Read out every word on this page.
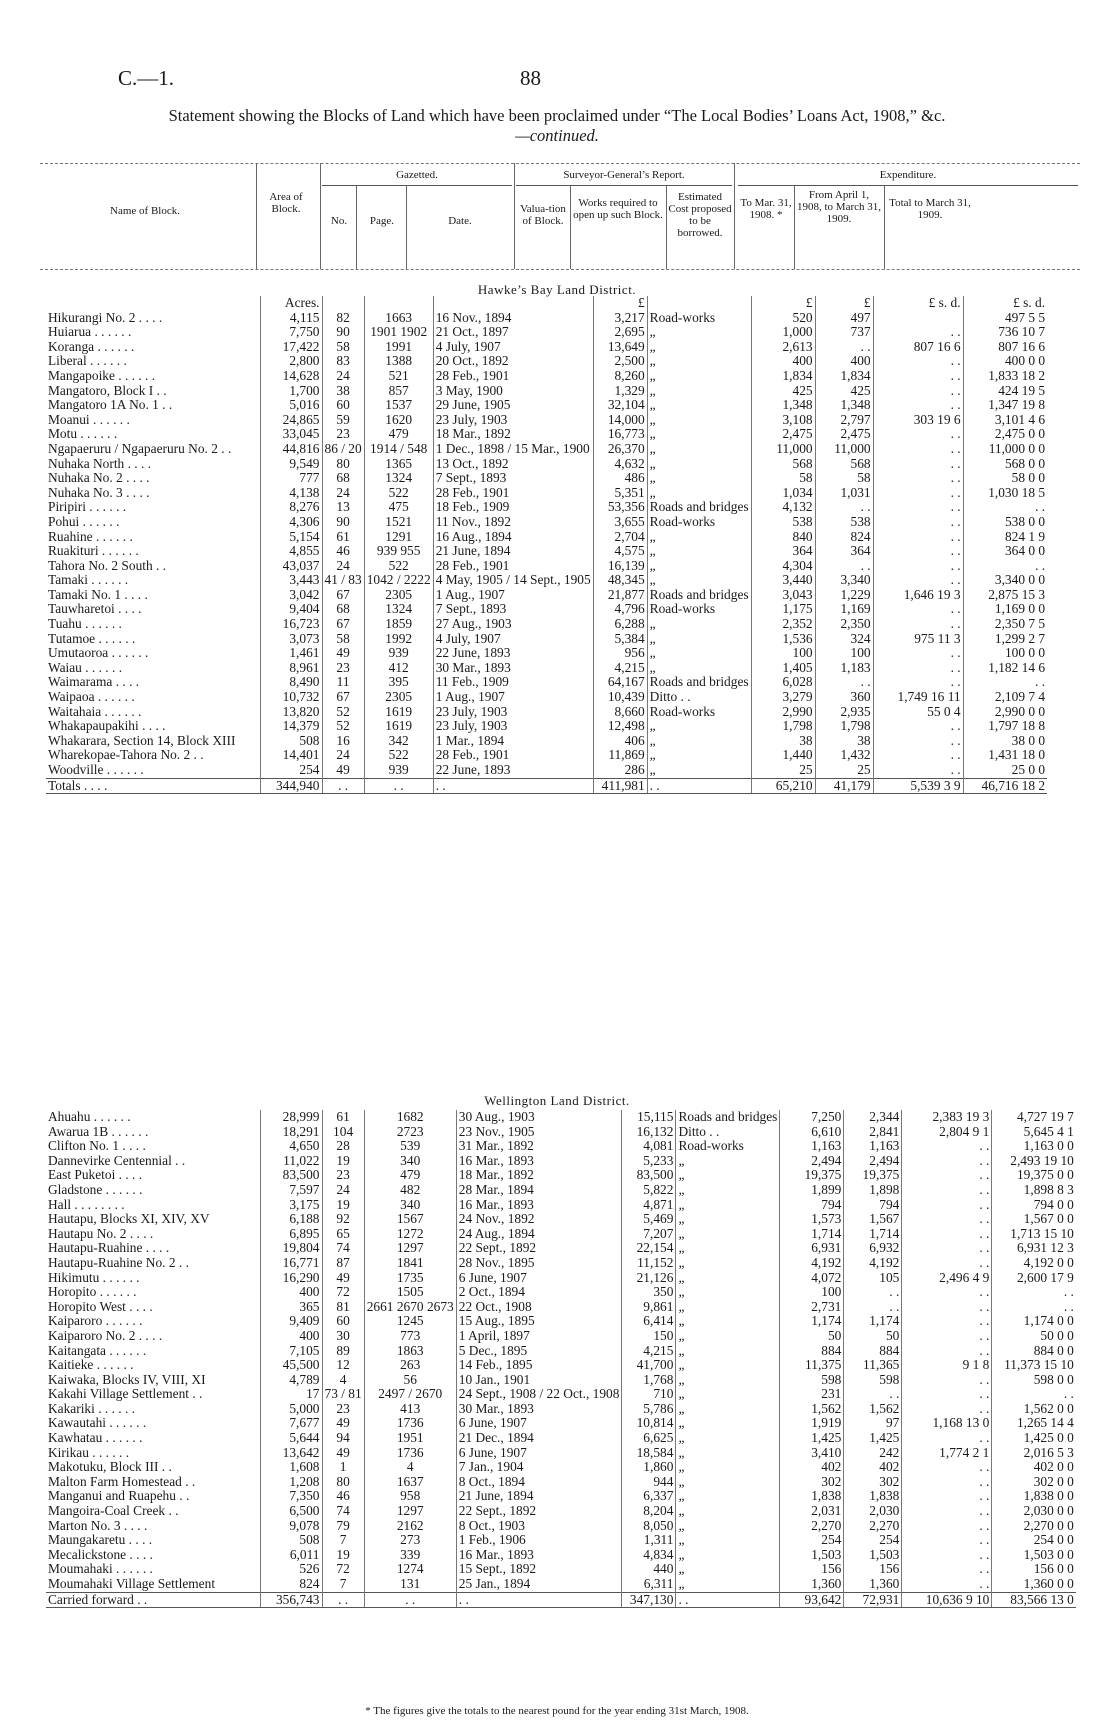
C.—1.	88
Statement showing the Blocks of Land which have been proclaimed under “The Local Bodies’ Loans Act, 1908,” &c.
—continued.
Name of Block.
Area of Block.
Gazetted.
No.	Page.	Date.
Surveyor-General’s Report.
Valua-tion of Block.
Works required to open up such Block.
Estimated Cost proposed to be borrowed.
Expenditure.
To Mar. 31, 1908. *
From April 1, 1908, to March 31, 1909.
Total to March 31, 1909.
Hawke’s Bay Land District.
	Acres.				£		£	£	£ s. d.	£ s. d.
Hikurangi No. 2 . . . .	4,115	82	1663	16 Nov., 1894	3,217	Road-works	520	497		497 5 5
Huiarua . . . . . .	7,750	90	1901 1902	21 Oct., 1897	2,695	„	1,000	737	. .	736 10 7
Koranga . . . . . .	17,422	58	1991	4 July, 1907	13,649	„	2,613	. .	807 16 6	807 16 6
Liberal . . . . . .	2,800	83	1388	20 Oct., 1892	2,500	„	400	400	. .	400 0 0
Mangapoike . . . . . .	14,628	24	521	28 Feb., 1901	8,260	„	1,834	1,834	. .	1,833 18 2
Mangatoro, Block I . .	1,700	38	857	3 May, 1900	1,329	„	425	425	. .	424 19 5
Mangatoro 1A No. 1 . .	5,016	60	1537	29 June, 1905	32,104	„	1,348	1,348	. .	1,347 19 8
Moanui . . . . . .	24,865	59	1620	23 July, 1903	14,000	„	3,108	2,797	303 19 6	3,101 4 6
Motu . . . . . .	33,045	23	479	18 Mar., 1892	16,773	„	2,475	2,475	. .	2,475 0 0
Ngapaeruru / Ngapaeruru No. 2 . .	44,816	86 / 20	1914 / 548	1 Dec., 1898 / 15 Mar., 1900	26,370	„	11,000	11,000	. .	11,000 0 0
Nuhaka North . . . .	9,549	80	1365	13 Oct., 1892	4,632	„	568	568	. .	568 0 0
Nuhaka No. 2 . . . .	777	68	1324	7 Sept., 1893	486	„	58	58	. .	58 0 0
Nuhaka No. 3 . . . .	4,138	24	522	28 Feb., 1901	5,351	„	1,034	1,031	. .	1,030 18 5
Piripiri . . . . . .	8,276	13	475	18 Feb., 1909	53,356	Roads and bridges	4,132	. .	. .	. .
Pohui . . . . . .	4,306	90	1521	11 Nov., 1892	3,655	Road-works	538	538	. .	538 0 0
Ruahine . . . . . .	5,154	61	1291	16 Aug., 1894	2,704	„	840	824	. .	824 1 9
Ruakituri . . . . . .	4,855	46	939 955	21 June, 1894	4,575	„	364	364	. .	364 0 0
Tahora No. 2 South . .	43,037	24	522	28 Feb., 1901	16,139	„	4,304	. .	. .	. .
Tamaki . . . . . .	3,443	41 / 83	1042 / 2222	4 May, 1905 / 14 Sept., 1905	48,345	„	3,440	3,340	. .	3,340 0 0
Tamaki No. 1 . . . .	3,042	67	2305	1 Aug., 1907	21,877	Roads and bridges	3,043	1,229	1,646 19 3	2,875 15 3
Tauwharetoi . . . .	9,404	68	1324	7 Sept., 1893	4,796	Road-works	1,175	1,169	. .	1,169 0 0
Tuahu . . . . . .	16,723	67	1859	27 Aug., 1903	6,288	„	2,352	2,350	. .	2,350 7 5
Tutamoe . . . . . .	3,073	58	1992	4 July, 1907	5,384	„	1,536	324	975 11 3	1,299 2 7
Umutaoroa . . . . . .	1,461	49	939	22 June, 1893	956	„	100	100	. .	100 0 0
Waiau . . . . . .	8,961	23	412	30 Mar., 1893	4,215	„	1,405	1,183	. .	1,182 14 6
Waimarama . . . .	8,490	11	395	11 Feb., 1909	64,167	Roads and bridges	6,028	. .	. .	. .
Waipaoa . . . . . .	10,732	67	2305	1 Aug., 1907	10,439	Ditto . .	3,279	360	1,749 16 11	2,109 7 4
Waitahaia . . . . . .	13,820	52	1619	23 July, 1903	8,660	Road-works	2,990	2,935	55 0 4	2,990 0 0
Whakapaupakihi . . . .	14,379	52	1619	23 July, 1903	12,498	„	1,798	1,798	. .	1,797 18 8
Whakarara, Section 14, Block XIII	508	16	342	1 Mar., 1894	406	„	38	38	. .	38 0 0
Wharekopae-Tahora No. 2 . .	14,401	24	522	28 Feb., 1901	11,869	„	1,440	1,432	. .	1,431 18 0
Woodville . . . . . .	254	49	939	22 June, 1893	286	„	25	25	. .	25 0 0
Totals . . . .	344,940	. .	. .	. .	411,981	. .	65,210	41,179	5,539 3 9	46,716 18 2
Wellington Land District.
Ahuahu . . . . . .	28,999	61	1682	30 Aug., 1903	15,115	Roads and bridges	7,250	2,344	2,383 19 3	4,727 19 7
Awarua 1B . . . . . .	18,291	104	2723	23 Nov., 1905	16,132	Ditto . .	6,610	2,841	2,804 9 1	5,645 4 1
Clifton No. 1 . . . .	4,650	28	539	31 Mar., 1892	4,081	Road-works	1,163	1,163	. .	1,163 0 0
Dannevirke Centennial . .	11,022	19	340	16 Mar., 1893	5,233	„	2,494	2,494	. .	2,493 19 10
East Puketoi . . . .	83,500	23	479	18 Mar., 1892	83,500	„	19,375	19,375	. .	19,375 0 0
Gladstone . . . . . .	7,597	24	482	28 Mar., 1894	5,822	„	1,899	1,898	. .	1,898 8 3
Hall . . . . . . . .	3,175	19	340	16 Mar., 1893	4,871	„	794	794	. .	794 0 0
Hautapu, Blocks XI, XIV, XV	6,188	92	1567	24 Nov., 1892	5,469	„	1,573	1,567	. .	1,567 0 0
Hautapu No. 2 . . . .	6,895	65	1272	24 Aug., 1894	7,207	„	1,714	1,714	. .	1,713 15 10
Hautapu-Ruahine . . . .	19,804	74	1297	22 Sept., 1892	22,154	„	6,931	6,932	. .	6,931 12 3
Hautapu-Ruahine No. 2 . .	16,771	87	1841	28 Nov., 1895	11,152	„	4,192	4,192	. .	4,192 0 0
Hikimutu . . . . . .	16,290	49	1735	6 June, 1907	21,126	„	4,072	105	2,496 4 9	2,600 17 9
Horopito . . . . . .	400	72	1505	2 Oct., 1894	350	„	100	. .	. .	. .
Horopito West . . . .	365	81	2661 2670 2673	22 Oct., 1908	9,861	„	2,731	. .	. .	. .
Kaiparoro . . . . . .	9,409	60	1245	15 Aug., 1895	6,414	„	1,174	1,174	. .	1,174 0 0
Kaiparoro No. 2 . . . .	400	30	773	1 April, 1897	150	„	50	50	. .	50 0 0
Kaitangata . . . . . .	7,105	89	1863	5 Dec., 1895	4,215	„	884	884	. .	884 0 0
Kaitieke . . . . . .	45,500	12	263	14 Feb., 1895	41,700	„	11,375	11,365	9 1 8	11,373 15 10
Kaiwaka, Blocks IV, VIII, XI	4,789	4	56	10 Jan., 1901	1,768	„	598	598	. .	598 0 0
Kakahi Village Settlement . .	17	73 / 81	2497 / 2670	24 Sept., 1908 / 22 Oct., 1908	710	„	231	. .	. .	. .
Kakariki . . . . . .	5,000	23	413	30 Mar., 1893	5,786	„	1,562	1,562	. .	1,562 0 0
Kawautahi . . . . . .	7,677	49	1736	6 June, 1907	10,814	„	1,919	97	1,168 13 0	1,265 14 4
Kawhatau . . . . . .	5,644	94	1951	21 Dec., 1894	6,625	„	1,425	1,425	. .	1,425 0 0
Kirikau . . . . . .	13,642	49	1736	6 June, 1907	18,584	„	3,410	242	1,774 2 1	2,016 5 3
Makotuku, Block III . .	1,608	1	4	7 Jan., 1904	1,860	„	402	402	. .	402 0 0
Malton Farm Homestead . .	1,208	80	1637	8 Oct., 1894	944	„	302	302	. .	302 0 0
Manganui and Ruapehu . .	7,350	46	958	21 June, 1894	6,337	„	1,838	1,838	. .	1,838 0 0
Mangoira-Coal Creek . .	6,500	74	1297	22 Sept., 1892	8,204	„	2,031	2,030	. .	2,030 0 0
Marton No. 3 . . . .	9,078	79	2162	8 Oct., 1903	8,050	„	2,270	2,270	. .	2,270 0 0
Maungakaretu . . . .	508	7	273	1 Feb., 1906	1,311	„	254	254	. .	254 0 0
Mecalickstone . . . .	6,011	19	339	16 Mar., 1893	4,834	„	1,503	1,503	. .	1,503 0 0
Moumahaki . . . . . .	526	72	1274	15 Sept., 1892	440	„	156	156	. .	156 0 0
Moumahaki Village Settlement	824	7	131	25 Jan., 1894	6,311	„	1,360	1,360	. .	1,360 0 0
Carried forward . .	356,743	. .	. .	. .	347,130	. .	93,642	72,931	10,636 9 10	83,566 13 0
* The figures give the totals to the nearest pound for the year ending 31st March, 1908.
